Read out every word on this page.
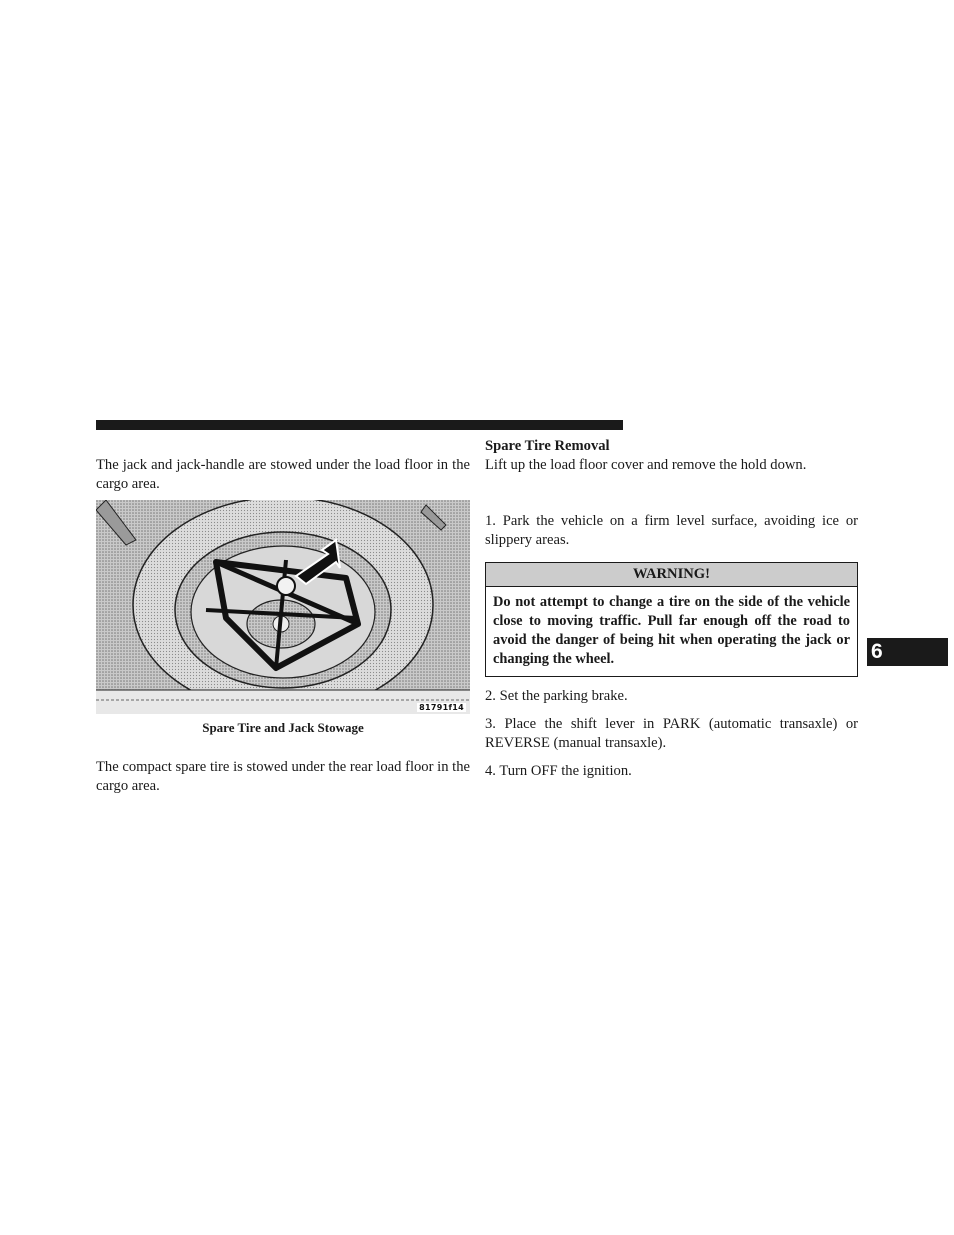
The jack and jack-handle are stowed under the load floor in the cargo area.

81791f14
Spare Tire and Jack Stowage

The compact spare tire is stowed under the rear load floor in the cargo area.

Spare Tire Removal

Lift up the load floor cover and remove the hold down.

1. Park the vehicle on a firm level surface, avoiding ice or slippery areas.

WARNING!
Do not attempt to change a tire on the side of the vehicle close to moving traffic. Pull far enough off the road to avoid the danger of being hit when operating the jack or changing the wheel.

2. Set the parking brake.

3. Place the shift lever in PARK (automatic transaxle) or REVERSE (manual transaxle).

4. Turn OFF the ignition.

6
